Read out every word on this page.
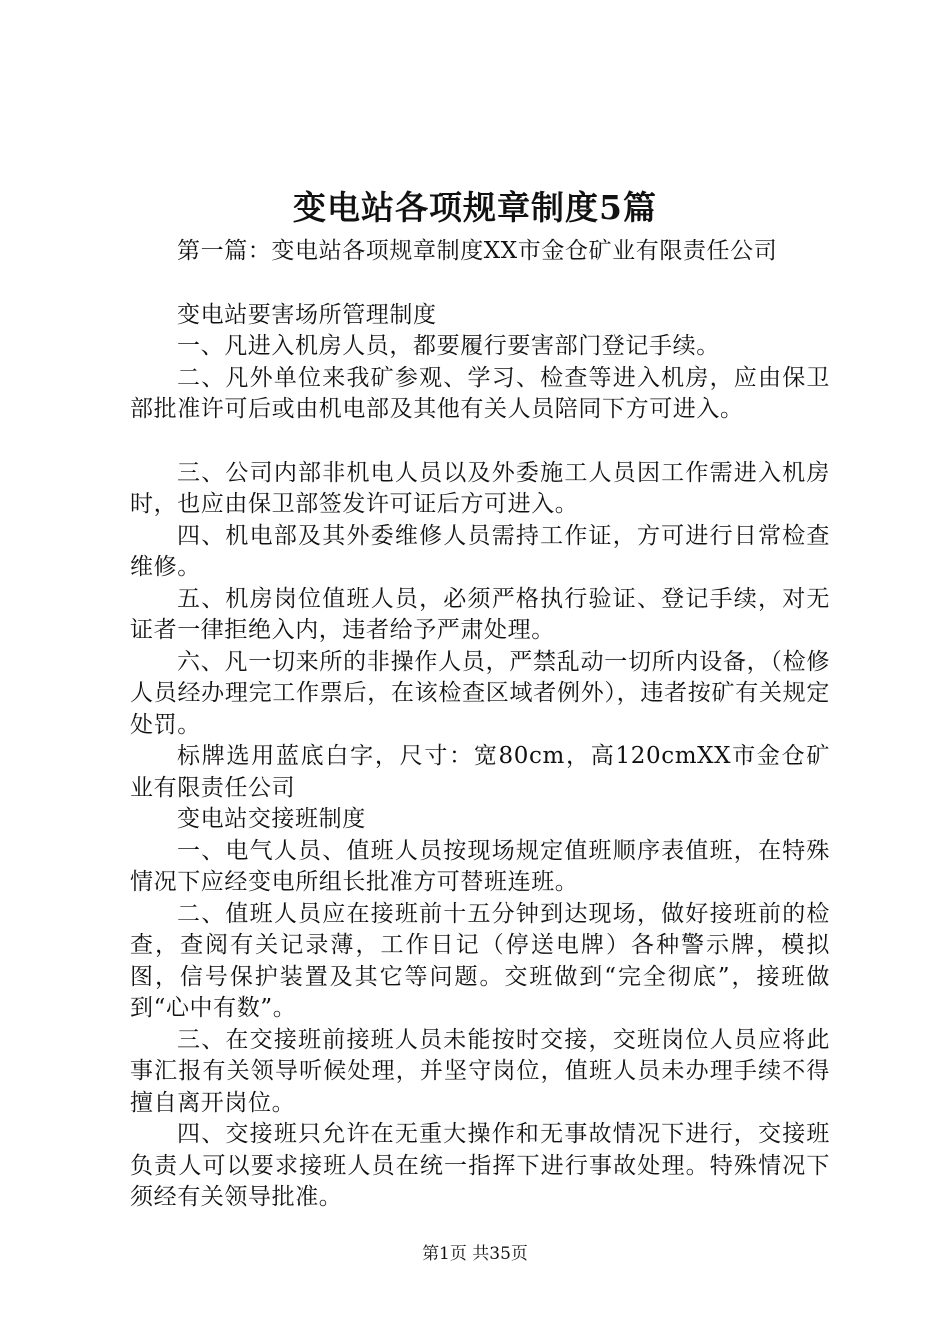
变电站各项规章制度5篇

第一篇：变电站各项规章制度XX市金仓矿业有限责任公司

变电站要害场所管理制度

一、凡进入机房人员，都要履行要害部门登记手续。

二、凡外单位来我矿参观、学习、检查等进入机房，应由保卫部批准许可后或由机电部及其他有关人员陪同下方可进入。

三、公司内部非机电人员以及外委施工人员因工作需进入机房时，也应由保卫部签发许可证后方可进入。

四、机电部及其外委维修人员需持工作证，方可进行日常检查维修。

五、机房岗位值班人员，必须严格执行验证、登记手续，对无证者一律拒绝入内，违者给予严肃处理。

六、凡一切来所的非操作人员，严禁乱动一切所内设备，（检修人员经办理完工作票后，在该检查区域者例外），违者按矿有关规定处罚。

标牌选用蓝底白字，尺寸：宽80cm，高120cmXX市金仓矿业有限责任公司

变电站交接班制度

一、电气人员、值班人员按现场规定值班顺序表值班，在特殊情况下应经变电所组长批准方可替班连班。

二、值班人员应在接班前十五分钟到达现场，做好接班前的检查，查阅有关记录薄，工作日记（停送电牌）各种警示牌，模拟图，信号保护装置及其它等问题。交班做到“完全彻底”，接班做到“心中有数”。

三、在交接班前接班人员未能按时交接，交班岗位人员应将此事汇报有关领导听候处理，并坚守岗位，值班人员未办理手续不得擅自离开岗位。

四、交接班只允许在无重大操作和无事故情况下进行，交接班负责人可以要求接班人员在统一指挥下进行事故处理。特殊情况下须经有关领导批准。

第1页 共35页
